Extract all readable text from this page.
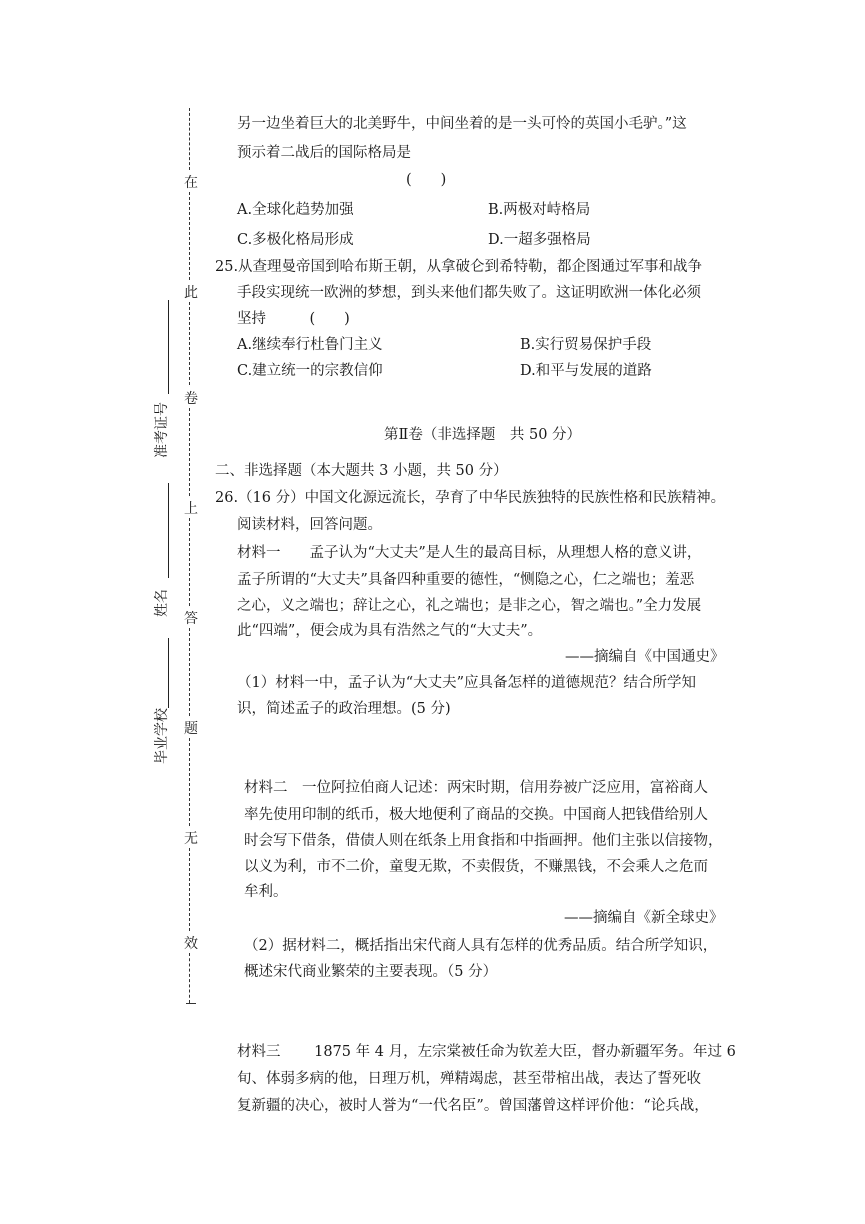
在
此
卷
上
答
题
无
效
准考证号
姓名
毕业学校
另一边坐着巨大的北美野牛，中间坐着的是一头可怜的英国小毛驴。”这
预示着二战后的国际格局是
(　　)
A.全球化趋势加强	B.两极对峙格局
C.多极化格局形成	D.一超多强格局
25.从查理曼帝国到哈布斯王朝，从拿破仑到希特勒，都企图通过军事和战争
手段实现统一欧洲的梦想，到头来他们都失败了。这证明欧洲一体化必须
坚持　　　(　　)
A.继续奉行杜鲁门主义	B.实行贸易保护手段
C.建立统一的宗教信仰	D.和平与发展的道路
第Ⅱ卷（非选择题　共 50 分）
二、非选择题（本大题共 3 小题，共 50 分）
26.（16 分）中国文化源远流长，孕育了中华民族独特的民族性格和民族精神。
阅读材料，回答问题。
材料一　　孟子认为“大丈夫”是人生的最高目标，从理想人格的意义讲，
孟子所谓的“大丈夫”具备四种重要的德性，“恻隐之心，仁之端也；羞恶
之心，义之端也；辞让之心，礼之端也；是非之心，智之端也。”全力发展
此“四端”，便会成为具有浩然之气的“大丈夫”。
——摘编自《中国通史》
（1）材料一中，孟子认为“大丈夫”应具备怎样的道德规范？结合所学知
识，简述孟子的政治理想。(5 分)
材料二　一位阿拉伯商人记述：两宋时期，信用券被广泛应用，富裕商人
率先使用印制的纸币，极大地便利了商品的交换。中国商人把钱借给别人
时会写下借条，借债人则在纸条上用食指和中指画押。他们主张以信接物，
以义为利，市不二价，童叟无欺，不卖假货，不赚黑钱，不会乘人之危而
牟利。
——摘编自《新全球史》
（2）据材料二，概括指出宋代商人具有怎样的优秀品质。结合所学知识，
概述宋代商业繁荣的主要表现。（5 分）
材料三　　 1875 年 4 月，左宗棠被任命为钦差大臣，督办新疆军务。年过 6
旬、体弱多病的他，日理万机，殚精竭虑，甚至带棺出战，表达了誓死收
复新疆的决心，被时人誉为“一代名臣”。曾国藩曾这样评价他：“论兵战，
